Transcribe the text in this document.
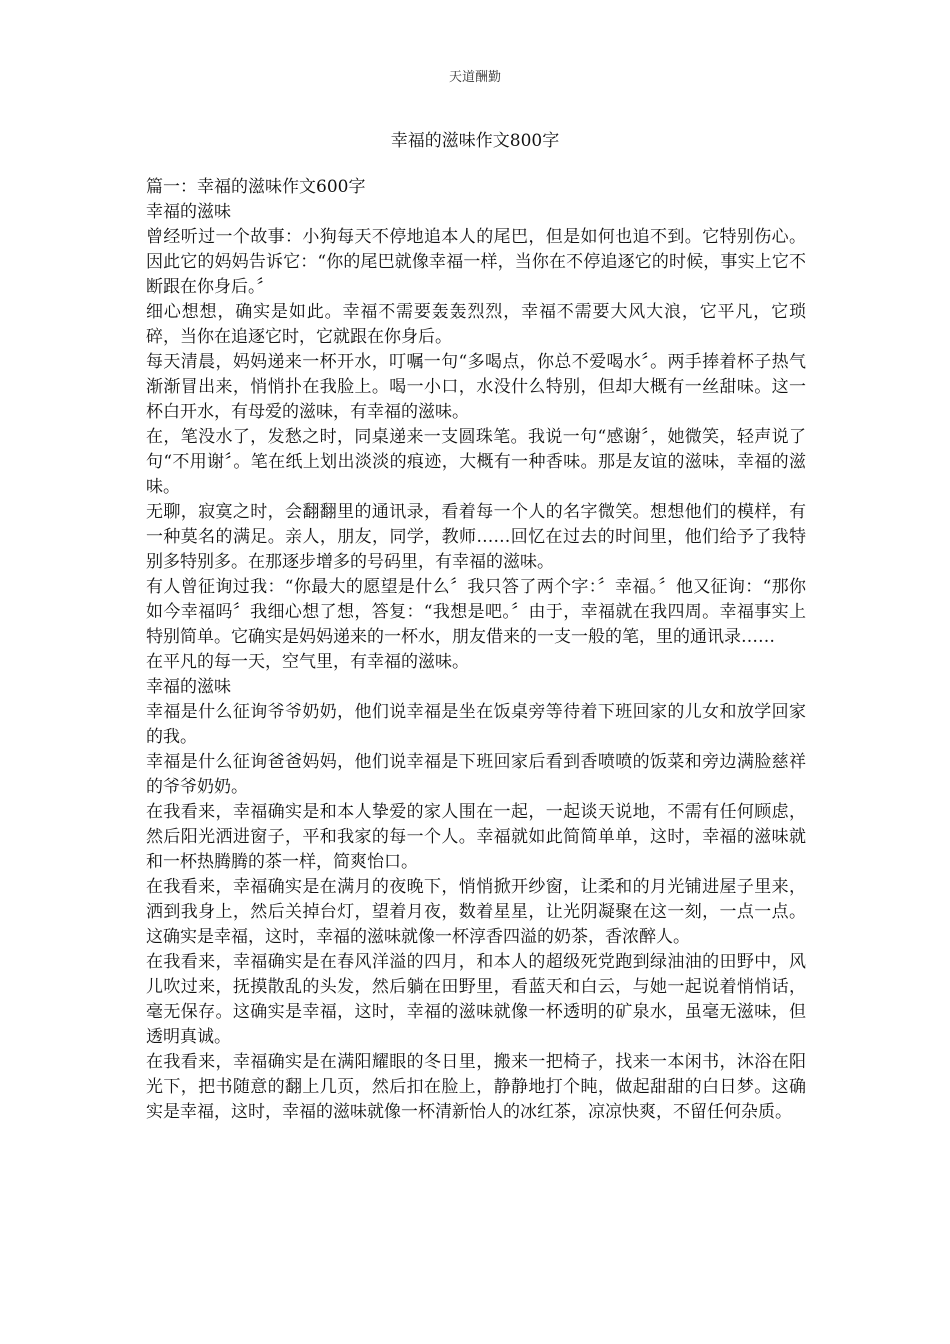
天道酬勤
幸福的滋味作文800字

篇一：幸福的滋味作文600字

幸福的滋味

曾经听过一个故事：小狗每天不停地追本人的尾巴，但是如何也追不到。它特别伤心。因此它的妈妈告诉它：“你的尾巴就像幸福一样，当你在不停追逐它的时候，事实上它不断跟在你身后。〞

细心想想，确实是如此。幸福不需要轰轰烈烈，幸福不需要大风大浪，它平凡，它琐碎，当你在追逐它时，它就跟在你身后。

每天清晨，妈妈递来一杯开水，叮嘱一句“多喝点，你总不爱喝水〞。两手捧着杯子热气渐渐冒出来，悄悄扑在我脸上。喝一小口，水没什么特别，但却大概有一丝甜味。这一杯白开水，有母爱的滋味，有幸福的滋味。

在，笔没水了，发愁之时，同桌递来一支圆珠笔。我说一句“感谢〞，她微笑，轻声说了句“不用谢〞。笔在纸上划出淡淡的痕迹，大概有一种香味。那是友谊的滋味，幸福的滋味。

无聊，寂寞之时，会翻翻里的通讯录，看着每一个人的名字微笑。想想他们的模样，有一种莫名的满足。亲人，朋友，同学，教师……回忆在过去的时间里，他们给予了我特别多特别多。在那逐步增多的号码里，有幸福的滋味。

有人曾征询过我：“你最大的愿望是什么〞我只答了两个字：〞幸福。〞他又征询：“那你如今幸福吗〞我细心想了想，答复：“我想是吧。〞由于，幸福就在我四周。幸福事实上特别简单。它确实是妈妈递来的一杯水，朋友借来的一支一般的笔，里的通讯录……

在平凡的每一天，空气里，有幸福的滋味。

幸福的滋味

幸福是什么征询爷爷奶奶，他们说幸福是坐在饭桌旁等待着下班回家的儿女和放学回家的我。

幸福是什么征询爸爸妈妈，他们说幸福是下班回家后看到香喷喷的饭菜和旁边满脸慈祥的爷爷奶奶。

在我看来，幸福确实是和本人挚爱的家人围在一起，一起谈天说地，不需有任何顾虑，然后阳光洒进窗子，平和我家的每一个人。幸福就如此简简单单，这时，幸福的滋味就和一杯热腾腾的茶一样，简爽怡口。

在我看来，幸福确实是在满月的夜晚下，悄悄掀开纱窗，让柔和的月光铺进屋子里来，洒到我身上，然后关掉台灯，望着月夜，数着星星，让光阴凝聚在这一刻，一点一点。这确实是幸福，这时，幸福的滋味就像一杯淳香四溢的奶茶，香浓醉人。

在我看来，幸福确实是在春风洋溢的四月，和本人的超级死党跑到绿油油的田野中，风儿吹过来，抚摸散乱的头发，然后躺在田野里，看蓝天和白云，与她一起说着悄悄话，毫无保存。这确实是幸福，这时，幸福的滋味就像一杯透明的矿泉水，虽毫无滋味，但透明真诚。

在我看来，幸福确实是在满阳耀眼的冬日里，搬来一把椅子，找来一本闲书，沐浴在阳光下，把书随意的翻上几页，然后扣在脸上，静静地打个盹，做起甜甜的白日梦。这确实是幸福，这时，幸福的滋味就像一杯清新怡人的冰红茶，凉凉快爽，不留任何杂质。
